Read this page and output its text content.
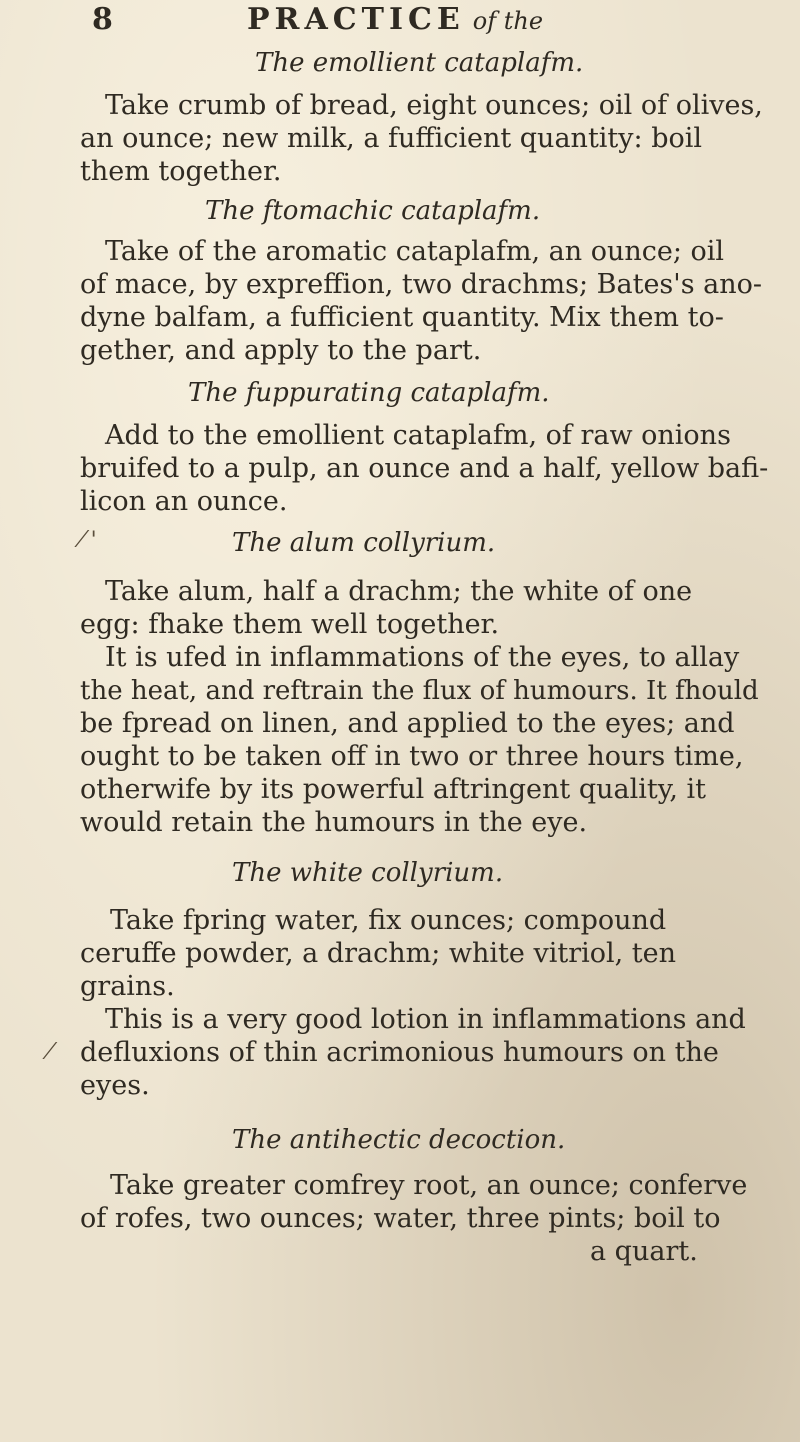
8	PRACTICE of the
The emollient cataplafm.
Take crumb of bread, eight ounces; oil of olives,
an ounce; new milk, a fufficient quantity: boil
them together.
The ftomachic cataplafm.
Take of the aromatic cataplafm, an ounce; oil
of mace, by expreffion, two drachms; Bates's ano-
dyne balfam, a fufficient quantity. Mix them to-
gether, and apply to the part.
The fuppurating cataplafm.
Add to the emollient cataplafm, of raw onions
bruifed to a pulp, an ounce and a half, yellow bafi-
licon an ounce.
⁄ '	The alum collyrium.
Take alum, half a drachm; the white of one
egg: fhake them well together.
It is ufed in inflammations of the eyes, to allay
the heat, and reftrain the flux of humours. It fhould
be fpread on linen, and applied to the eyes; and
ought to be taken off in two or three hours time,
otherwife by its powerful aftringent quality, it
would retain the humours in the eye.
The white collyrium.
Take fpring water, fix ounces; compound
ceruffe powder, a drachm; white vitriol, ten
grains.
This is a very good lotion in inflammations and
defluxions of thin acrimonious humours on the
eyes.
⁄
The antihectic decoction.
Take greater comfrey root, an ounce; conferve
of rofes, two ounces; water, three pints; boil to
a quart.
